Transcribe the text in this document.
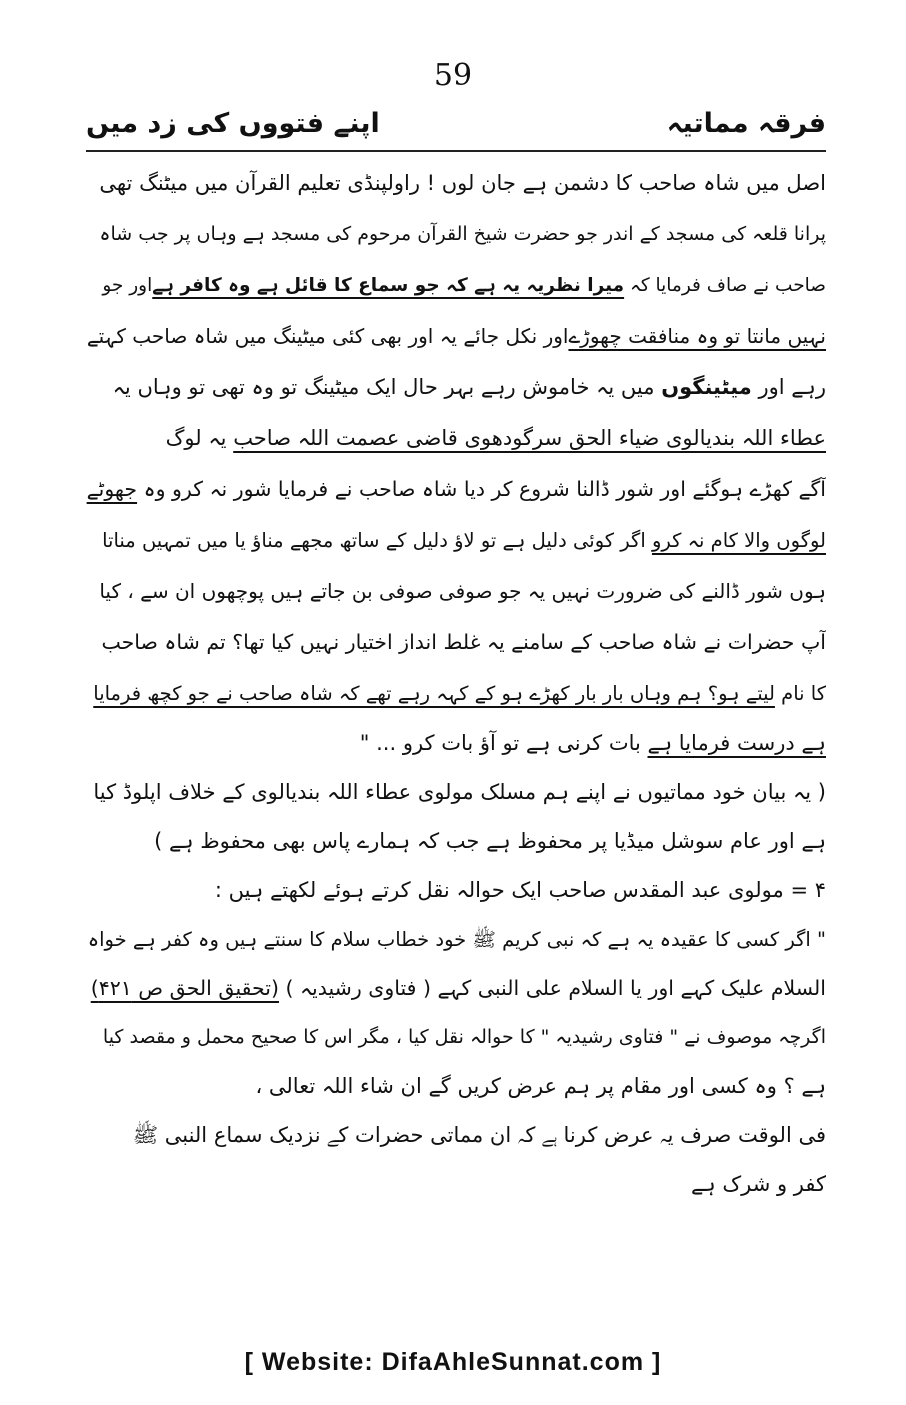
59
فرقہ مماتیہ
اپنے فتووں کی زد میں
اصل میں شاہ صاحب کا دشمن ہے جان لوں ! راولپنڈی تعلیم القرآن میں میٹنگ تھی
پرانا قلعہ کی مسجد کے اندر جو حضرت شیخ القرآن مرحوم کی مسجد ہے وہاں پر جب شاہ
صاحب نے صاف فرمایا کہ میرا نظریہ یہ ہے کہ جو سماع کا قائل ہے وہ کافر ہےاور جو
نہیں مانتا تو وہ منافقت چھوڑےاور نکل جائے یہ اور بھی کئی میٹینگ میں شاہ صاحب کہتے
رہے اور میٹینگوں میں یہ خاموش رہے بہر حال ایک میٹینگ تو وہ تھی تو وہاں یہ
عطاء اللہ بندیالوی ضیاء الحق سرگودھوی قاضی عصمت اللہ صاحب یہ لوگ
آگے کھڑے ہوگئے اور شور ڈالنا شروع کر دیا شاہ صاحب نے فرمایا شور نہ کرو وہ جھوٹے
لوگوں والا کام نہ کرو اگر کوئی دلیل ہے تو لاؤ دلیل کے ساتھ مجھے مناؤ یا میں تمہیں مناتا
ہوں شور ڈالنے کی ضرورت نہیں یہ جو صوفی صوفی بن جاتے ہیں پوچھوں ان سے ، کیا
آپ حضرات نے شاہ صاحب کے سامنے یہ غلط انداز اختیار نہیں کیا تھا؟ تم شاہ صاحب
کا نام لیتے ہو؟ ہم وہاں بار بار کھڑے ہو کے کہہ رہے تھے کہ شاہ صاحب نے جو کچھ فرمایا
ہے درست فرمایا ہے بات کرنی ہے تو آؤ بات کرو ... "
( یہ بیان خود مماتیوں نے اپنے ہم مسلک مولوی عطاء اللہ بندیالوی کے خلاف اپلوڈ کیا
ہے اور عام سوشل میڈیا پر محفوظ ہے جب کہ ہمارے پاس بھی محفوظ ہے )
۴ = مولوی عبد المقدس صاحب ایک حوالہ نقل کرتے ہوئے لکھتے ہیں :
" اگر کسی کا عقیدہ یہ ہے کہ نبی کریم ﷺ خود خطاب سلام کا سنتے ہیں وہ کفر ہے خواہ
السلام علیک کہے اور یا السلام علی النبی کہے ( فتاوی رشیدیہ ) (تحقیق الحق ص ۴۲۱)
اگرچہ موصوف نے " فتاوی رشیدیہ " کا حوالہ نقل کیا ، مگر اس کا صحیح محمل و مقصد کیا
ہے ؟ وہ کسی اور مقام پر ہم عرض کریں گے ان شاء اللہ تعالی ،
فی الوقت صرف یہ عرض کرنا ہے کہ ان مماتی حضرات کے نزدیک سماع النبی ﷺ
کفر و شرک ہے
[ Website: DifaAhleSunnat.com ]
